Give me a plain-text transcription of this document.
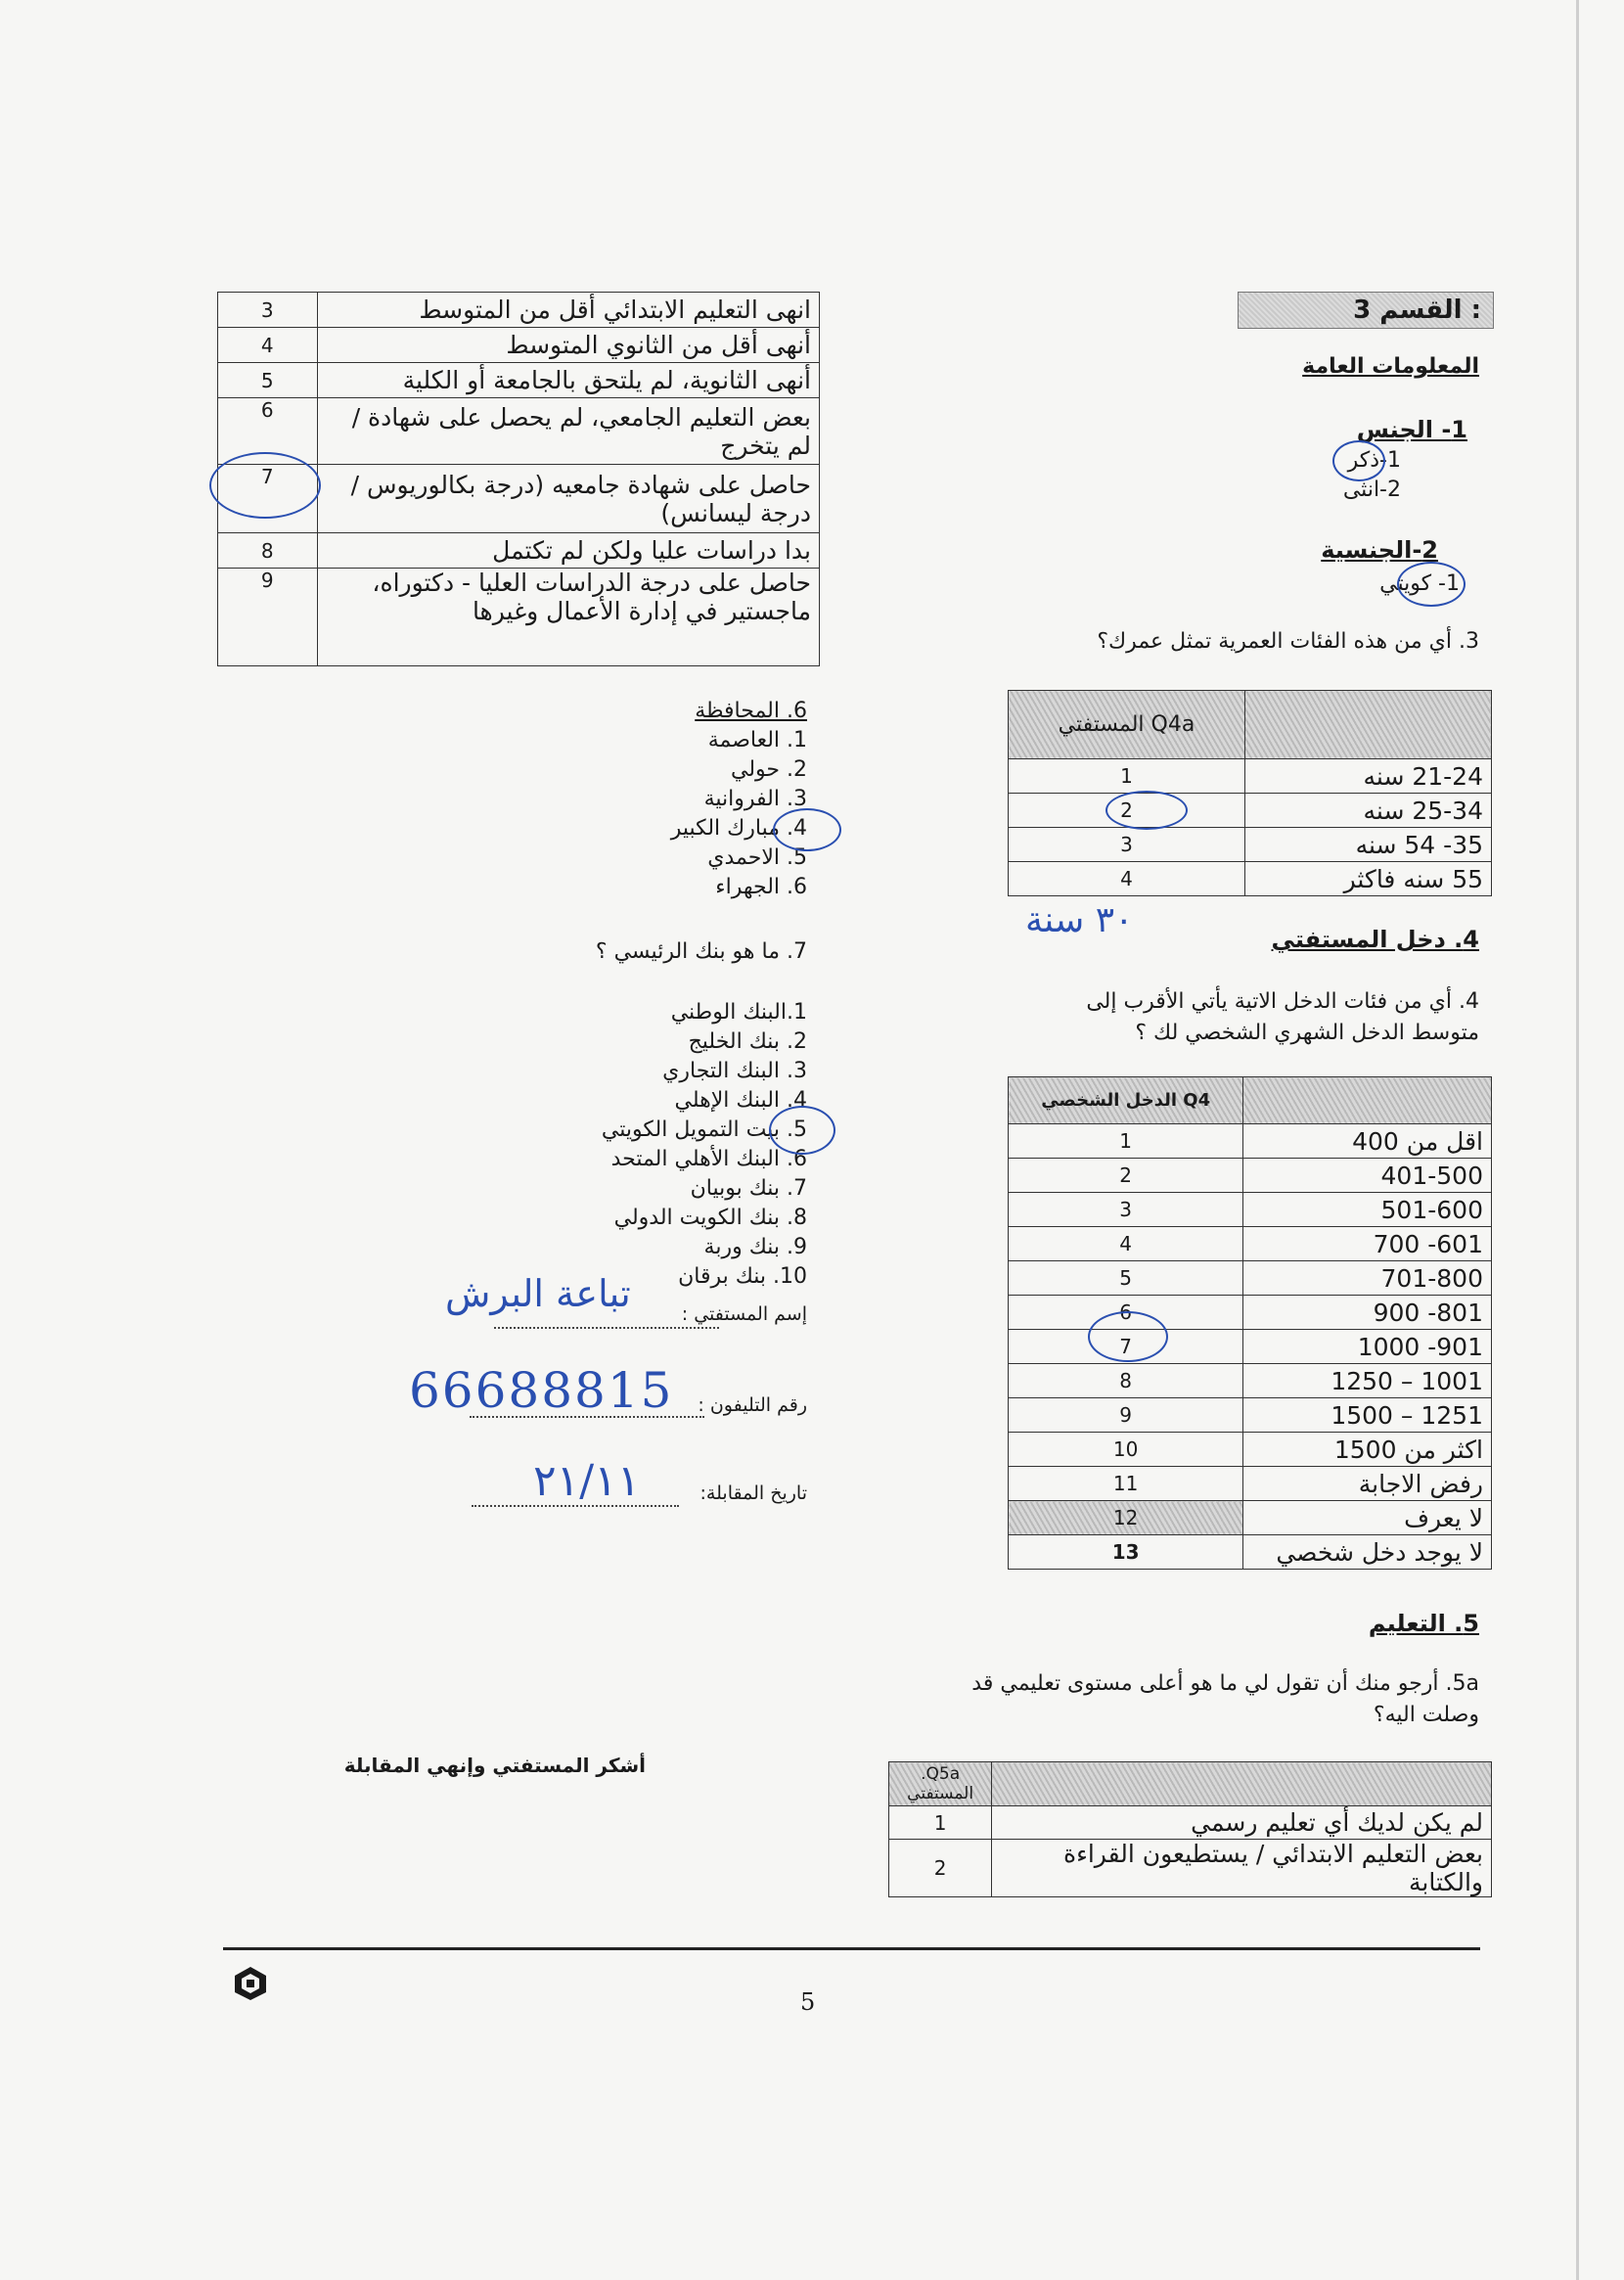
القسم 3 :
المعلومات العامة
1- الجنس
1-ذكر
2-انثى
2-الجنسية
1- كويتي
3. أي من هذه الفئات العمرية تمثل عمرك؟
	Q4a المستفتي
21-24 سنه	1
25-34 سنه	2
35- 54 سنه	3
55 سنه فاكثر	4
٣٠ سنة	4. دخل المستفتي
4. أي من فئات الدخل الاتية يأتي الأقرب إلى متوسط الدخل الشهري الشخصي لك ؟
	Q4 الدخل الشخصي
اقل من 400	1
401-500	2
501-600	3
601- 700	4
701-800	5
801- 900	6
901- 1000	7
1001 – 1250	8
1251 – 1500	9
اكثر من 1500	10
رفض الاجابة	11
لا يعرف	12
لا يوجد دخل شخصي	13
5. التعليم
5a. أرجو منك أن تقول لي ما هو أعلى مستوى تعليمي قد وصلت اليه؟
	Q5a. المستفتي
لم يكن لديك أي تعليم رسمي	1
بعض التعليم الابتدائي / يستطيعون القراءة والكتابة	2
انهى التعليم الابتدائي أقل من المتوسط	3
أنهى أقل من الثانوي المتوسط	4
أنهى الثانوية، لم يلتحق بالجامعة أو الكلية	5
بعض التعليم الجامعي، لم يحصل على شهادة / لم يتخرج	6
حاصل على شهادة جامعيه (درجة بكالوريوس / درجة ليسانس)	7
بدا دراسات عليا ولكن لم تكتمل	8
حاصل على درجة الدراسات العليا - دكتوراه، ماجستير في إدارة الأعمال وغيرها	9
6. المحافظة
1. العاصمة
2. حولي
3. الفروانية
4. مبارك الكبير
5. الاحمدي
6. الجهراء
7. ما هو بنك الرئيسي ؟
1.البنك الوطني
2. بنك الخليج
3. البنك التجاري
4. البنك الإهلي
5. بيت التمويل الكويتي
6. البنك الأهلي المتحد
7. بنك بوبيان
8. بنك الكويت الدولي
9. بنك وربة
10. بنك برقان
إسم المستفتي :
تباعة البرش
رقم التليفون :
66688815
تاريخ المقابلة:
٢١/١١
أشكر المستفتي وإنهي المقابلة
5
